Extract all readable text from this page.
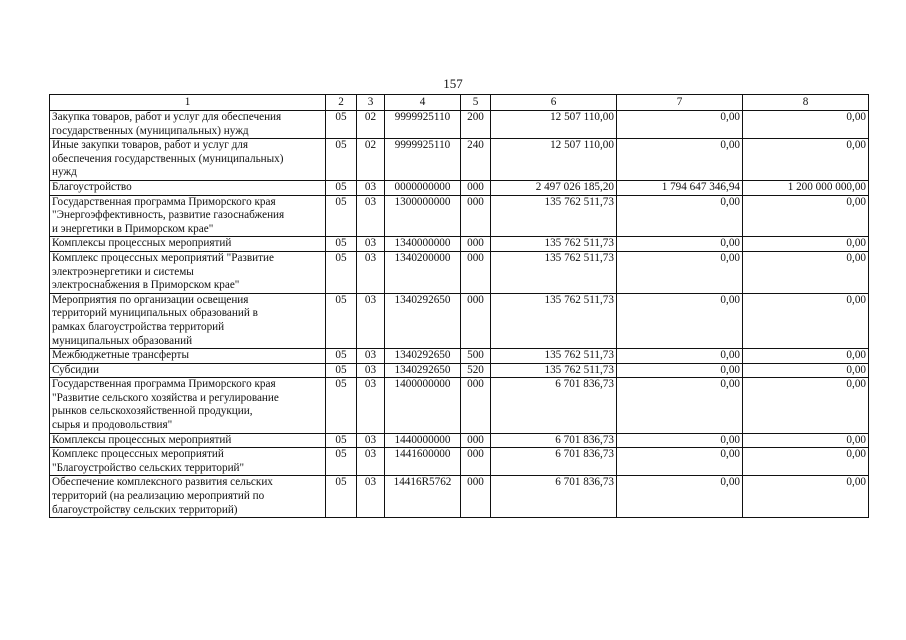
157
1	2	3	4	5	6	7	8
Закупка товаров, работ и услуг для обеспечения
государственных (муниципальных) нужд	05	02	9999925110	200	12 507 110,00	0,00	0,00
Иные закупки товаров, работ и услуг для
обеспечения государственных (муниципальных)
нужд	05	02	9999925110	240	12 507 110,00	0,00	0,00
Благоустройство	05	03	0000000000	000	2 497 026 185,20	1 794 647 346,94	1 200 000 000,00
Государственная программа Приморского края
"Энергоэффективность, развитие газоснабжения
и энергетики в Приморском крае"	05	03	1300000000	000	135 762 511,73	0,00	0,00
Комплексы процессных мероприятий	05	03	1340000000	000	135 762 511,73	0,00	0,00
Комплекс процессных мероприятий "Развитие
электроэнергетики и системы
электроснабжения в Приморском крае"	05	03	1340200000	000	135 762 511,73	0,00	0,00
Мероприятия по организации освещения
территорий муниципальных образований в
рамках благоустройства территорий
муниципальных образований	05	03	1340292650	000	135 762 511,73	0,00	0,00
Межбюджетные трансферты	05	03	1340292650	500	135 762 511,73	0,00	0,00
Субсидии	05	03	1340292650	520	135 762 511,73	0,00	0,00
Государственная программа Приморского края
"Развитие сельского хозяйства и регулирование
рынков сельскохозяйственной продукции,
сырья и продовольствия"	05	03	1400000000	000	6 701 836,73	0,00	0,00
Комплексы процессных мероприятий	05	03	1440000000	000	6 701 836,73	0,00	0,00
Комплекс процессных мероприятий
"Благоустройство сельских территорий"	05	03	1441600000	000	6 701 836,73	0,00	0,00
Обеспечение комплексного развития сельских
территорий (на реализацию мероприятий по
благоустройству сельских территорий)	05	03	14416R5762	000	6 701 836,73	0,00	0,00
